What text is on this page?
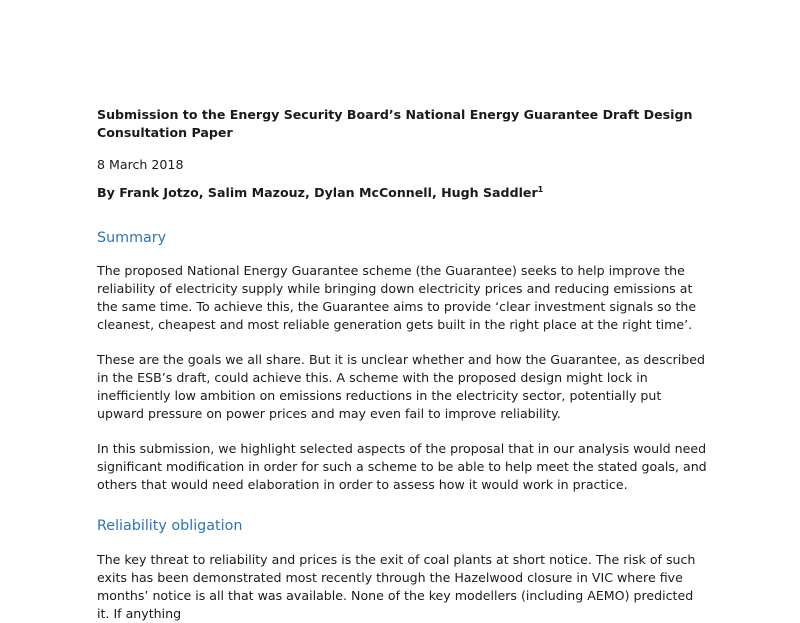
Submission to the Energy Security Board’s National Energy Guarantee Draft Design Consultation Paper

8 March 2018

By Frank Jotzo, Salim Mazouz, Dylan McConnell, Hugh Saddler$^1$

Summary

The proposed National Energy Guarantee scheme (the Guarantee) seeks to help improve the reliability of electricity supply while bringing down electricity prices and reducing emissions at the same time. To achieve this, the Guarantee aims to provide ‘clear investment signals so the cleanest, cheapest and most reliable generation gets built in the right place at the right time’.

These are the goals we all share. But it is unclear whether and how the Guarantee, as described in the ESB’s draft, could achieve this. A scheme with the proposed design might lock in inefficiently low ambition on emissions reductions in the electricity sector, potentially put upward pressure on power prices and may even fail to improve reliability.

In this submission, we highlight selected aspects of the proposal that in our analysis would need significant modification in order for such a scheme to be able to help meet the stated goals, and others that would need elaboration in order to assess how it would work in practice.

Reliability obligation

The key threat to reliability and prices is the exit of coal plants at short notice. The risk of such exits has been demonstrated most recently through the Hazelwood closure in VIC where five months’ notice is all that was available. None of the key modellers (including AEMO) predicted it. If anything
